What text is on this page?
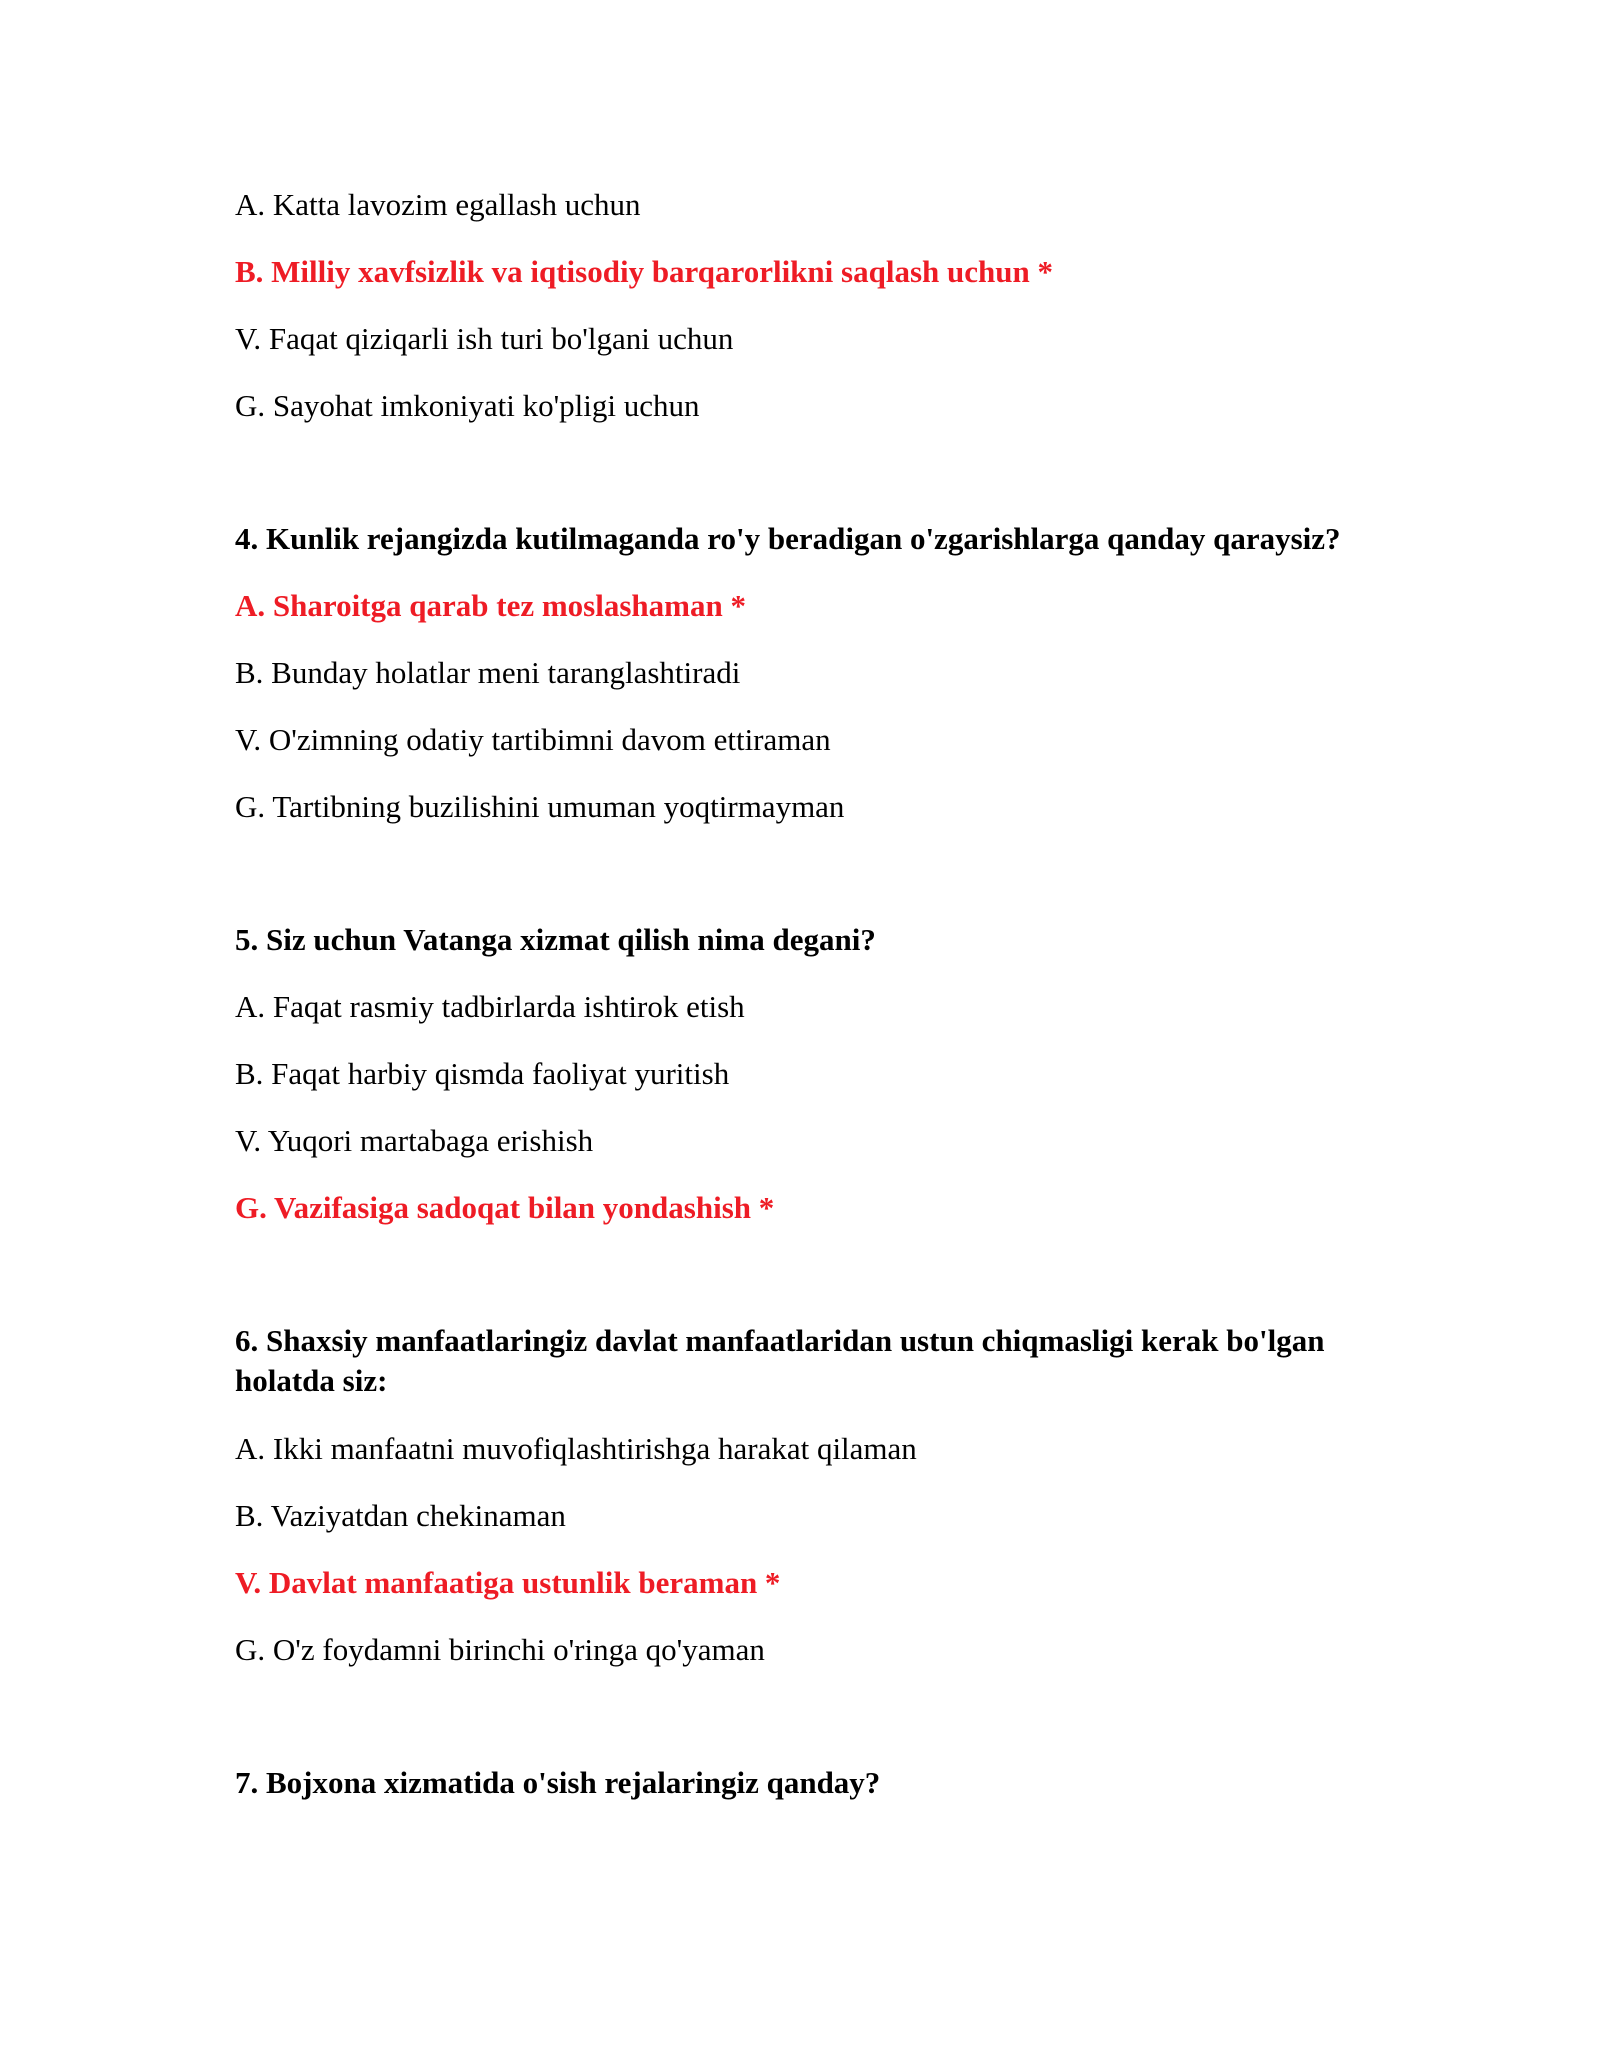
A. Katta lavozim egallash uchun
B. Milliy xavfsizlik va iqtisodiy barqarorlikni saqlash uchun *
V. Faqat qiziqarli ish turi bo'lgani uchun
G. Sayohat imkoniyati ko'pligi uchun
4. Kunlik rejangizda kutilmaganda ro'y beradigan o'zgarishlarga qanday qaraysiz?
A. Sharoitga qarab tez moslashaman *
B. Bunday holatlar meni taranglashtiradi
V. O'zimning odatiy tartibimni davom ettiraman
G. Tartibning buzilishini umuman yoqtirmayman
5. Siz uchun Vatanga xizmat qilish nima degani?
A. Faqat rasmiy tadbirlarda ishtirok etish
B. Faqat harbiy qismda faoliyat yuritish
V. Yuqori martabaga erishish
G. Vazifasiga sadoqat bilan yondashish *
6. Shaxsiy manfaatlaringiz davlat manfaatlaridan ustun chiqmasligi kerak bo'lgan holatda siz:
A. Ikki manfaatni muvofiqlashtirishga harakat qilaman
B. Vaziyatdan chekinaman
V. Davlat manfaatiga ustunlik beraman *
G. O'z foydamni birinchi o'ringa qo'yaman
7. Bojxona xizmatida o'sish rejalaringiz qanday?
